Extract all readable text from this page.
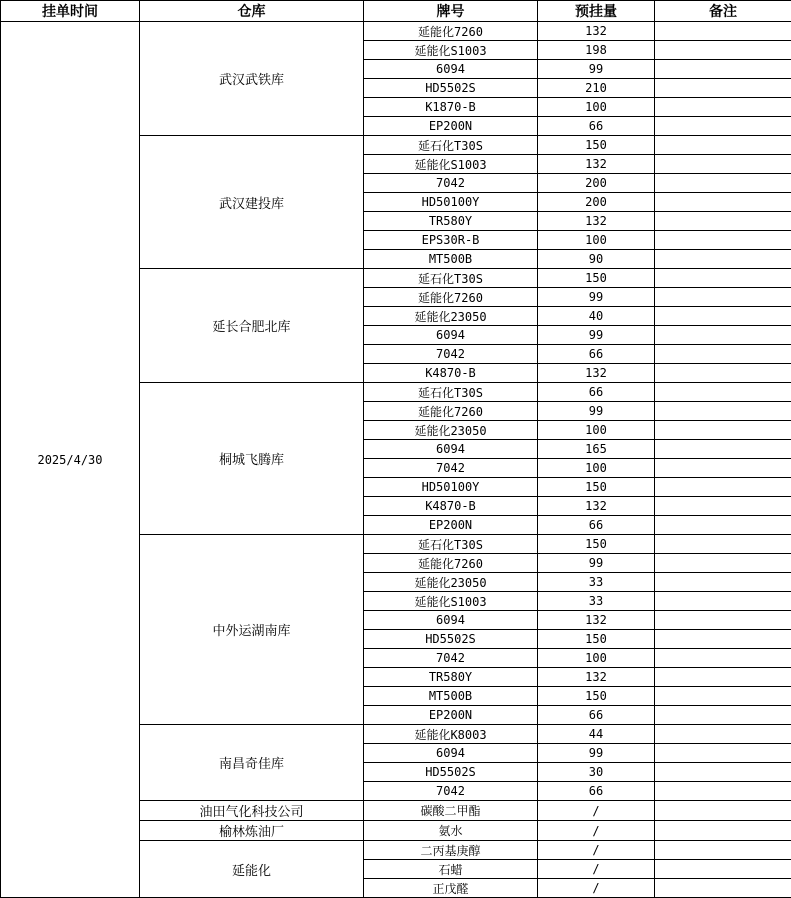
挂单时间	仓库	牌号	预挂量	备注
2025/4/30	武汉武铁库	延能化7260	132	
		延能化S1003	198	
		6094	99	
		HD5502S	210	
		K1870-B	100	
		EP200N	66	
	武汉建投库	延石化T30S	150	
		延能化S1003	132	
		7042	200	
		HD50100Y	200	
		TR580Y	132	
		EPS30R-B	100	
		MT500B	90	
	延长合肥北库	延石化T30S	150	
		延能化7260	99	
		延能化23050	40	
		6094	99	
		7042	66	
		K4870-B	132	
	桐城飞腾库	延石化T30S	66	
		延能化7260	99	
		延能化23050	100	
		6094	165	
		7042	100	
		HD50100Y	150	
		K4870-B	132	
		EP200N	66	
	中外运湖南库	延石化T30S	150	
		延能化7260	99	
		延能化23050	33	
		延能化S1003	33	
		6094	132	
		HD5502S	150	
		7042	100	
		TR580Y	132	
		MT500B	150	
		EP200N	66	
	南昌奇佳库	延能化K8003	44	
		6094	99	
		HD5502S	30	
		7042	66	
	油田气化科技公司	碳酸二甲酯	/	
	榆林炼油厂	氨水	/	
	延能化	二丙基庚醇	/	
		石蜡	/	
		正戊醛	/	
